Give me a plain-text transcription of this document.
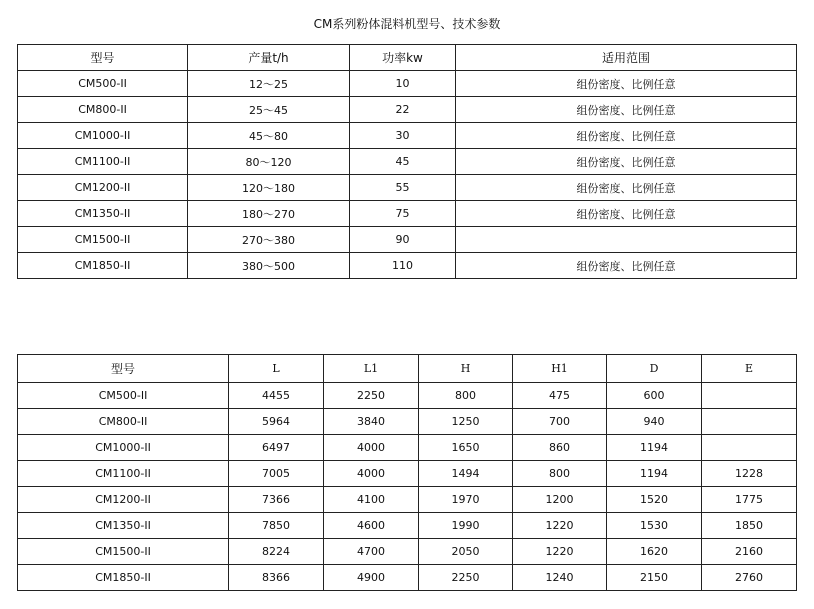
CM系列粉体混料机型号、技术参数
型号	产量t/h	功率kw	适用范围
CM500-II	12～25	10	组份密度、比例任意
CM800-II	25～45	22	组份密度、比例任意
CM1000-II	45～80	30	组份密度、比例任意
CM1100-II	80～120	45	组份密度、比例任意
CM1200-II	120～180	55	组份密度、比例任意
CM1350-II	180～270	75	组份密度、比例任意
CM1500-II	270～380	90	
CM1850-II	380～500	110	组份密度、比例任意
型号	L	L1	H	H1	D	E
CM500-II	4455	2250	800	475	600	
CM800-II	5964	3840	1250	700	940	
CM1000-II	6497	4000	1650	860	1194	
CM1100-II	7005	4000	1494	800	1194	1228
CM1200-II	7366	4100	1970	1200	1520	1775
CM1350-II	7850	4600	1990	1220	1530	1850
CM1500-II	8224	4700	2050	1220	1620	2160
CM1850-II	8366	4900	2250	1240	2150	2760
